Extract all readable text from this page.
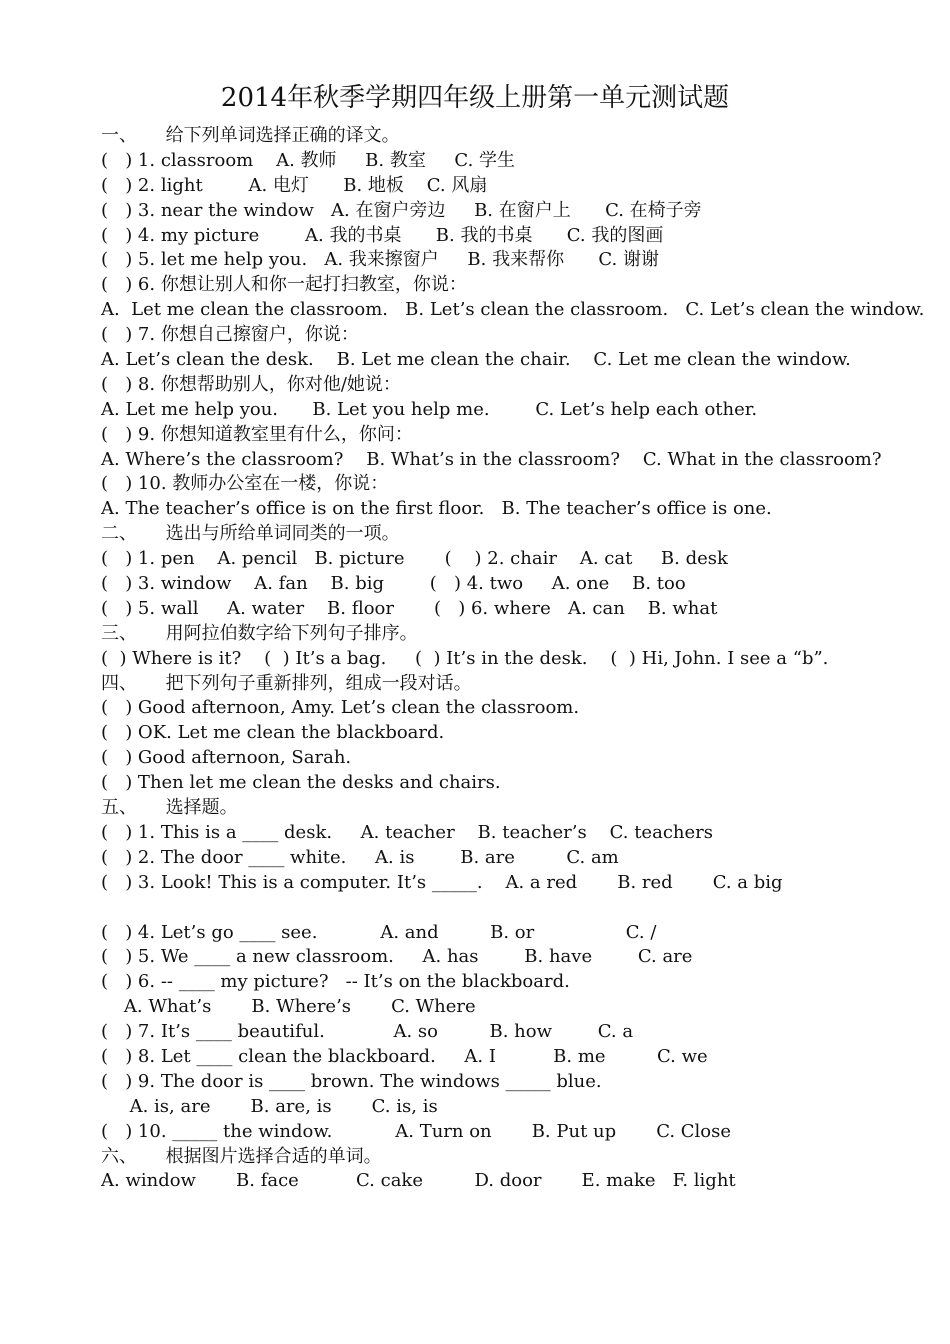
2014年秋季学期四年级上册第一单元测试题
一、     给下列单词选择正确的译文。
(   ) 1. classroom    A. 教师     B. 教室     C. 学生
(   ) 2. light        A. 电灯      B. 地板    C. 风扇
(   ) 3. near the window   A. 在窗户旁边     B. 在窗户上      C. 在椅子旁
(   ) 4. my picture        A. 我的书桌      B. 我的书桌      C. 我的图画
(   ) 5. let me help you.   A. 我来擦窗户     B. 我来帮你      C. 谢谢
(   ) 6. 你想让别人和你一起打扫教室，你说：
A.  Let me clean the classroom.   B. Let’s clean the classroom.   C. Let’s clean the window.
(   ) 7. 你想自己擦窗户，你说：
A. Let’s clean the desk.    B. Let me clean the chair.    C. Let me clean the window.
(   ) 8. 你想帮助别人，你对他/她说：
A. Let me help you.      B. Let you help me.        C. Let’s help each other.
(   ) 9. 你想知道教室里有什么，你问：
A. Where’s the classroom?    B. What’s in the classroom?    C. What in the classroom?
(   ) 10. 教师办公室在一楼，你说：
A. The teacher’s office is on the first floor.   B. The teacher’s office is one.
二、     选出与所给单词同类的一项。
(   ) 1. pen    A. pencil   B. picture       (    ) 2. chair    A. cat     B. desk
(   ) 3. window    A. fan    B. big        (   ) 4. two     A. one    B. too
(   ) 5. wall     A. water    B. floor       (   ) 6. where   A. can    B. what
三、     用阿拉伯数字给下列句子排序。
(  ) Where is it?    (  ) It’s a bag.     (  ) It’s in the desk.    (  ) Hi, John. I see a “b”.
四、     把下列句子重新排列，组成一段对话。
(   ) Good afternoon, Amy. Let’s clean the classroom.
(   ) OK. Let me clean the blackboard.
(   ) Good afternoon, Sarah.
(   ) Then let me clean the desks and chairs.
五、     选择题。
(   ) 1. This is a ____ desk.     A. teacher    B. teacher’s    C. teachers
(   ) 2. The door ____ white.     A. is        B. are         C. am
(   ) 3. Look! This is a computer. It’s _____.    A. a red       B. red       C. a big
(   ) 4. Let’s go ____ see.           A. and         B. or                C. /
(   ) 5. We ____ a new classroom.     A. has        B. have        C. are
(   ) 6. -- ____ my picture?   -- It’s on the blackboard.
A. What’s       B. Where’s       C. Where
(   ) 7. It’s ____ beautiful.            A. so         B. how        C. a
(   ) 8. Let ____ clean the blackboard.     A. I          B. me         C. we
(   ) 9. The door is ____ brown. The windows _____ blue.
A. is, are       B. are, is       C. is, is
(   ) 10. _____ the window.           A. Turn on       B. Put up       C. Close
六、     根据图片选择合适的单词。
A. window       B. face          C. cake         D. door       E. make   F. light
